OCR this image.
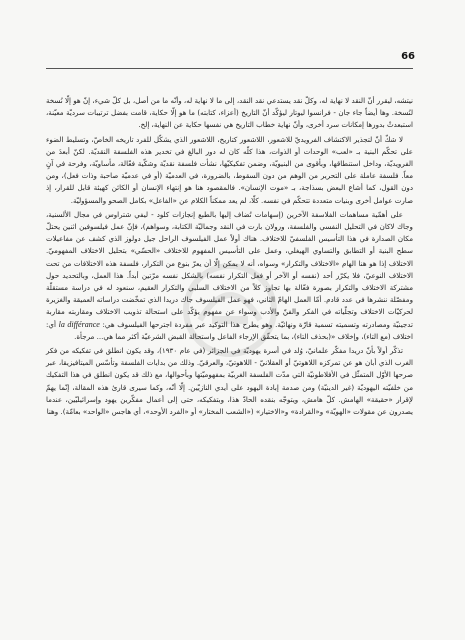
66

نيتشه، ليقرر أنّ النقد لا نهاية له، وكلّ نقد يستدعي نقد النقد، إلى ما لا نهاية له، وأنّه ما من أصل، بل كلّ شيء، إنّ هو إلّا نُسخة لنُسخة. وها أيضاً جاء جان - فرانسوا ليوتار ليؤكّد أنّ التاريخ (أعزاء، كتابته) ما هو إلّا حكاية، قامت بفضل ترتيبات سرديّة معيّنة، استبعدتْ بدورها إمكانات سرد أخرى، وأنّ نهاية خطاب التاريخ هي نفسها حكاية عن النهاية، إلخ.

لا شكّ أنّ لتجذير الاكتشاف الفرويديّ للاشعور، اللاشعور كتاريخ، اللاشعور الذي يشكّل للفرد تاريخه الخاصّ، وتسليط الضوء على تحكّم البنية بـ «لعب» الوحدات أو الذوات، هذا كلّه كان له دور البالغ في تخدير هذه الفلسفة النقديّة. لكنّ أبعدَ من الفرويديّة، وداخل استنطاقها، وبأقوى من البنيويّة، وضمن تفكيكيّها، نشأت فلسفة نقديّة وشكّية فعّالة، مأساويّة، وفرحة في آنٍ معاً. فلسفة عاملة على التحرير من الوهم من دون السقوط، بالضرورة، في العدميّة (أو في عدميّة صاحبة وذات فعل)، ومن دون القول، كما أشاع البعض بسذاجة، بـ «موت الإنسان». فالمقصود هنا هو إنتهاء الإنسان أو الكائن كهيئة قابل للقرار، إذ صارت عوامل أخرى وبنيات متعددة تتحكّم في نفسه. كلّا، لم يعد ممكناً الكلام عن «الفاعل» بكامل الصحو والمسؤوليّة.

على أهمّية مساهمات الفلاسفة الآخرين (إسهامات تُضاف إليها بالطبع إنجازات كلود - ليفي شتراوس في مجال الألسنية، وجاك لاكان في التحليل النفسي والفلسفة، ورولان بارت في النقد وجماليّة الكتابة، وسواهم)، فإنّ عمل فيلسوفين اثنين يحتلّ مكان الصدارة في هذا التأسيس الفلسفيّ للاختلاف. هناك أولاً عمل الفيلسوف الراحل جيل دولوز الذي كشف عن مفاعيلات سطح البنية أو التطابق والتساوي الهيغلي، وعمل على التأسيس المفهوم للاختلاف «الحسّي» بتحليل الاختلاف المفهوميّ. الاختلاف إذا هو هنا الهام «الاختلاف والتكرار» وسواه، أنه لا يمكن إلّا أن يعرّ بنوع من التكرار، فلسفة هذه الاختلافات من تحت الاختلاف النوعيّ، فلا يكرّر أحد (نفسه أو الآخر أو فعل التكرار نفسه) بالشكل نفسه مرّتين أبداً. هذا العمل، وبالتحديد حول مشتركة الاختلاف والتكرار بصورة فعّالة بها تجاوز كلاً من الاختلاف السلبي والتكرار العقيم، سنعود له في دراسة مستقلّة ومفصّلة ننشرها في عدد قادم. أمّا العمل الهامّ الثاني، فهو عمل الفيلسوف جاك دريدا الذي تمخّضت دراساته العميقة والغزيرة لحركيّات الاختلاف وتجلّياته في الفكر والفنّ والأدب وسواء عن مفهوم يؤكّد على استحالة تذويب الاختلاف ومقاربته مقاربة تدجينيّة ومصادرته وتسميته تسمية قارّة ونهائيّة. وهو يطرح هذا التوكيد عبر مفردة اجترحها الفيلسوف هي: la différance أي: اختلاف (مع التاء)، وإخلاف «(بحذف التاء)، بما يتحقّق الإرجاء الفاعل واستحالة القبض الشرعيّة أكثر مما هي... مرجأة.

تذكّر أولاً بأنّ دريدا مفكّر علمانيّ، وُلد في أسرة يهوديّة في الجزائر (في عام ١٩٣٠)، وقد يكون انطلق في تفكيكه من فكر الغرب الذي أبان هو عن تمركزه اللاهوتيّ أو العقلانيّ - اللاهوتيّ، والعرقيّ. وذلك من بدايات الفلسفة وتأسّس الميتافيزيقا، عبر صرحها الأوّل المتمثّل في الأفلاطونيّة التي مدّت الفلسفة الغربيّة بمفهوميّتها وبأحوالها، مع ذلك قد يكون انطلق في هذا التفكيك من خلفيّته اليهوديّة (غير الدينيّة) ومن صدمة إبادة اليهود على أيدي النازيّين. إلّا أنّه، وكما سيرى قارئ هذه المقالة، إنّما يهمّ لإقرار «حقيقة» الهامش. كلّ هامش، ويتوجّه بنقده الحادّ هذا، وبتفكيكه، حتى إلى أعمال مفكّرين يهود وإسرائيليّين، عندما يصدرون عن مقولات «الهويّة» و«القرادة» و«الاختيار» («الشعب المختار» أو «الفرد الأوحد»، أي هاجس «الواحد» بعامّة). وهنا
